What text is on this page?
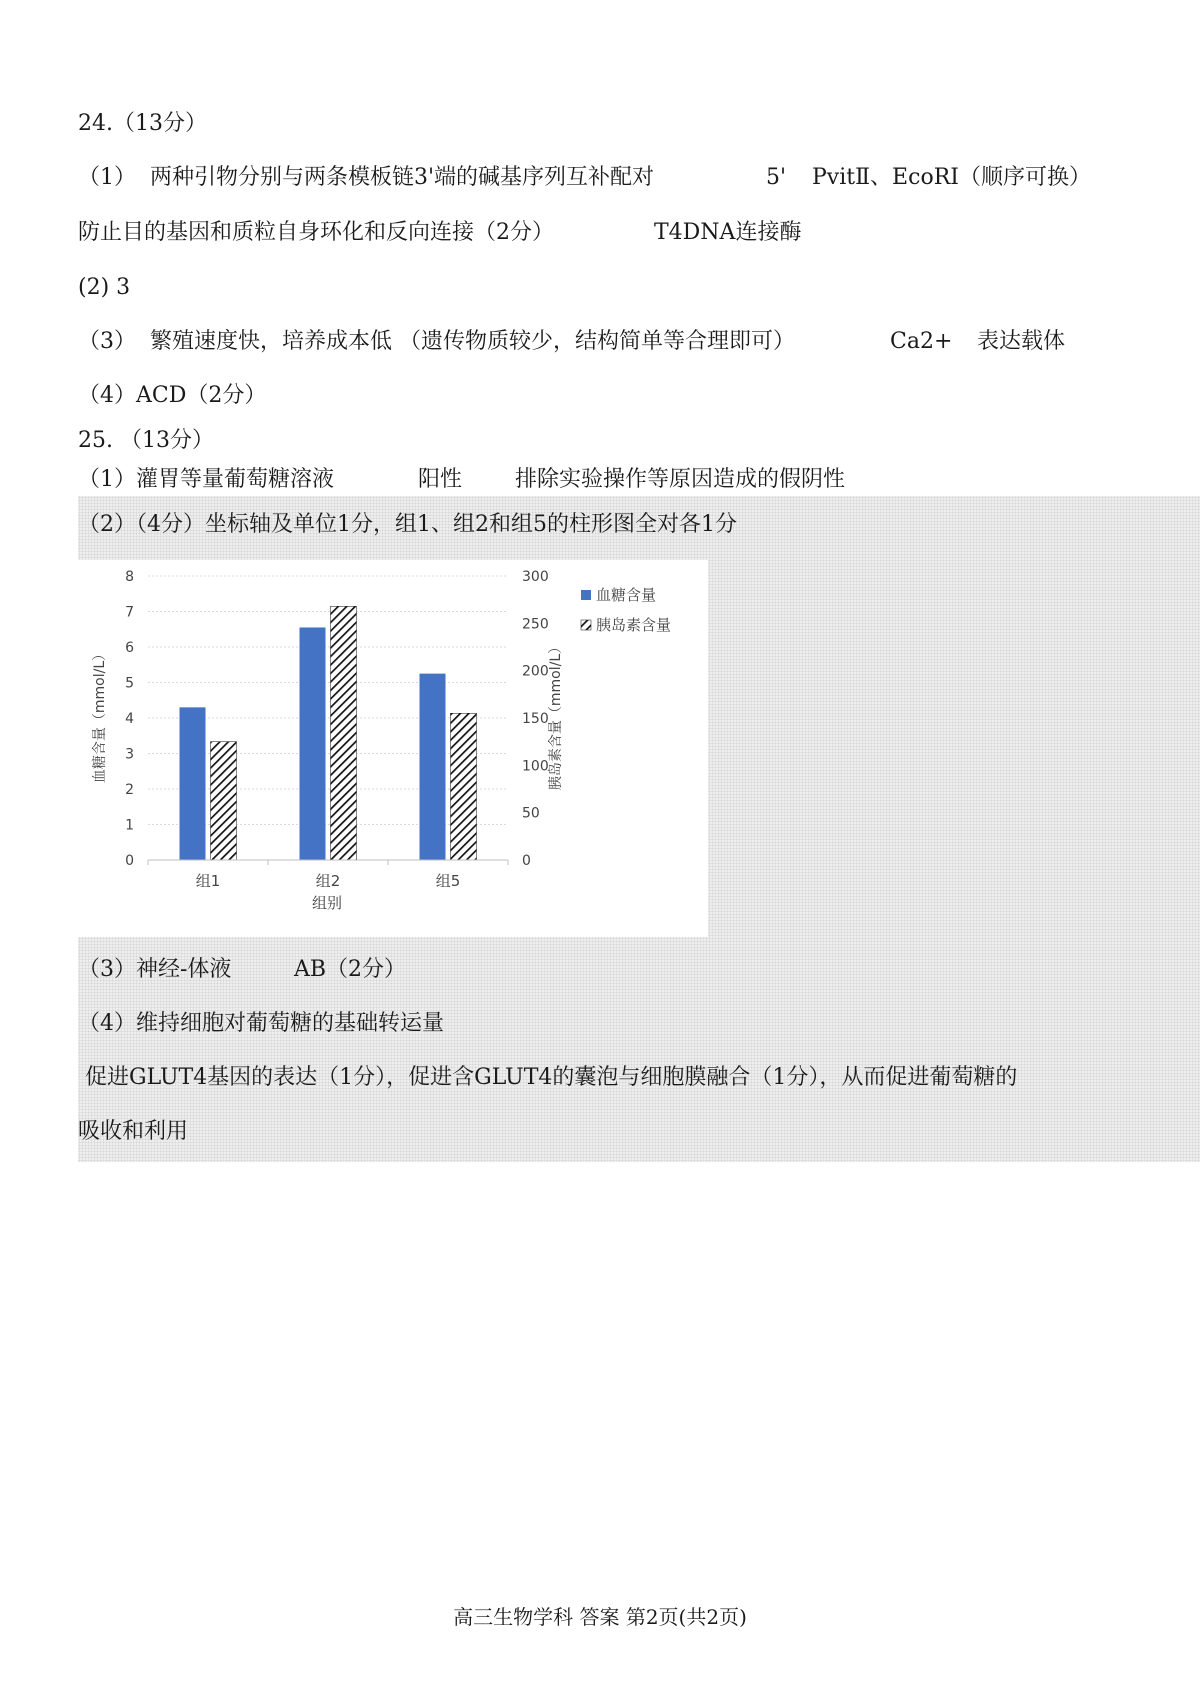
24.（13分）
（1）  两种引物分别与两条模板链3'端的碱基序列互补配对	5' PvitⅡ、EcoRI（顺序可换）
防止目的基因和质粒自身环化和反向连接（2分）	T4DNA连接酶
(2) 3
（3）  繁殖速度快，培养成本低 （遗传物质较少，结构简单等合理即可）	Ca2+ 表达载体
（4）ACD（2分）
25. （13分）
（1）灌胃等量葡萄糖溶液	阳性 排除实验操作等原因造成的假阴性
（2）（4分）坐标轴及单位1分，组1、组2和组5的柱形图全对各1分
0
1
2
3
4
5
6
7
8
0
50
100
150
200
250
300
组1	组2	组5
血糖含量（mmol/L）	胰岛素含量（mmol/L）
组别
血糖含量
胰岛素含量
（3）神经-体液	AB（2分）
（4）维持细胞对葡萄糖的基础转运量
促进GLUT4基因的表达（1分），促进含GLUT4的囊泡与细胞膜融合（1分），从而促进葡萄糖的
吸收和利用
高三生物学科 答案 第2页(共2页)
